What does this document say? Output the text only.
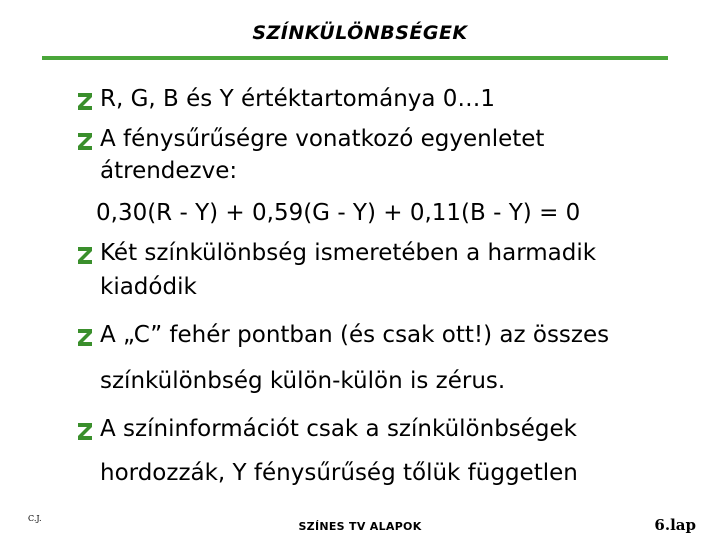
SZÍNKÜLÖNBSÉGEK
R, G, B és Y értéktartománya 0…1
A fénysűrűségre vonatkozó egyenletet
átrendezve:
0,30(R - Y) + 0,59(G - Y) + 0,11(B - Y) = 0
Két színkülönbség ismeretében a harmadik
kiadódik
A „C” fehér pontban (és csak ott!) az összes
színkülönbség külön-külön is zérus.
A színinformációt csak a színkülönbségek
hordozzák, Y fénysűrűség tőlük független
C.J.
SZÍNES TV ALAPOK	6.lap
